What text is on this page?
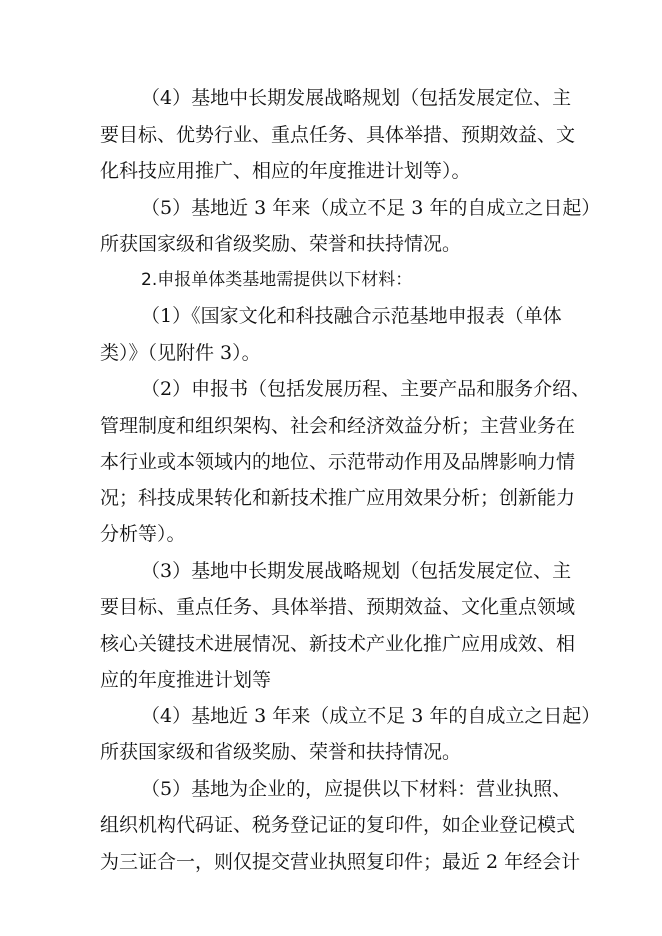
（4）基地中长期发展战略规划（包括发展定位、主
要目标、优势行业、重点任务、具体举措、预期效益、文
化科技应用推广、相应的年度推进计划等）。
（5）基地近 3 年来（成立不足 3 年的自成立之日起）
所获国家级和省级奖励、荣誉和扶持情况。
2.申报单体类基地需提供以下材料：
（1）《国家文化和科技融合示范基地申报表（单体
类）》（见附件 3）。
（2）申报书（包括发展历程、主要产品和服务介绍、
管理制度和组织架构、社会和经济效益分析；主营业务在
本行业或本领域内的地位、示范带动作用及品牌影响力情
况；科技成果转化和新技术推广应用效果分析；创新能力
分析等）。
（3）基地中长期发展战略规划（包括发展定位、主
要目标、重点任务、具体举措、预期效益、文化重点领域
核心关键技术进展情况、新技术产业化推广应用成效、相
应的年度推进计划等
（4）基地近 3 年来（成立不足 3 年的自成立之日起）
所获国家级和省级奖励、荣誉和扶持情况。
（5）基地为企业的，应提供以下材料：营业执照、
组织机构代码证、税务登记证的复印件，如企业登记模式
为三证合一，则仅提交营业执照复印件；最近 2 年经会计
